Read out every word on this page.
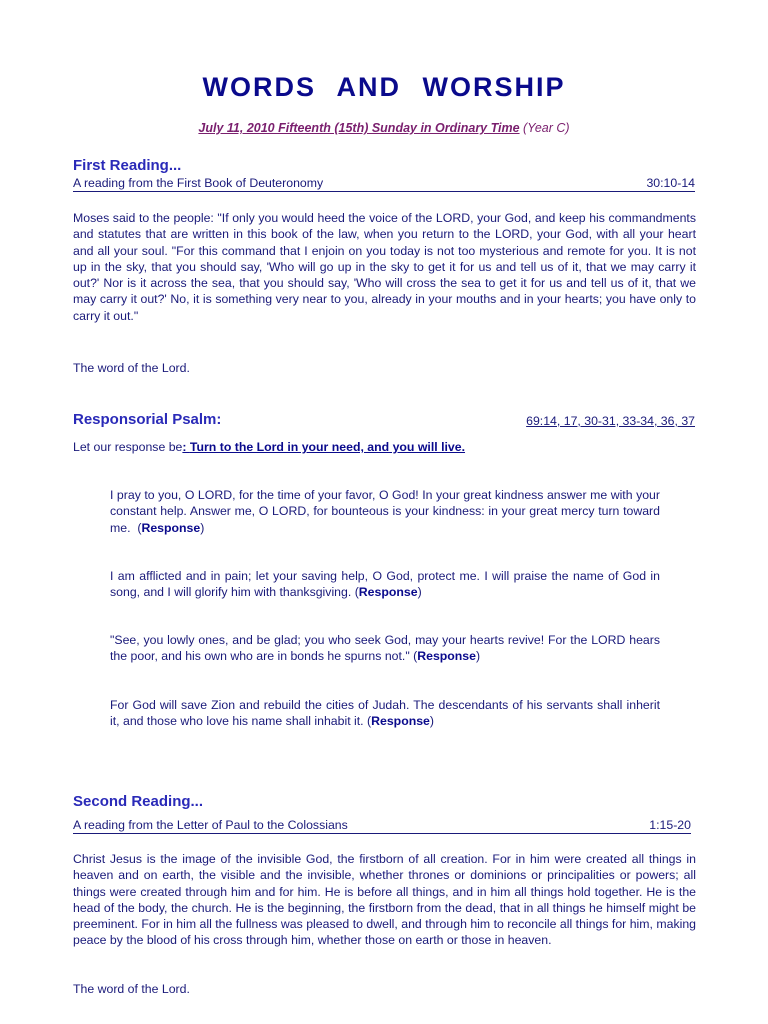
WORDS AND WORSHIP
July 11, 2010 Fifteenth (15th) Sunday in Ordinary Time (Year C)
First Reading...
A reading from the First Book of Deuteronomy	30:10-14

Moses said to the people: "If only you would heed the voice of the LORD, your God, and keep his commandments and statutes that are written in this book of the law, when you return to the LORD, your God, with all your heart and all your soul. "For this command that I enjoin on you today is not too mysterious and remote for you. It is not up in the sky, that you should say, 'Who will go up in the sky to get it for us and tell us of it, that we may carry it out?' Nor is it across the sea, that you should say, 'Who will cross the sea to get it for us and tell us of it, that we may carry it out?' No, it is something very near to you, already in your mouths and in your hearts; you have only to carry it out."

The word of the Lord.
Responsorial Psalm:	69:14, 17, 30-31, 33-34, 36, 37
Let our response be: Turn to the Lord in your need, and you will live.

I pray to you, O LORD, for the time of your favor, O God! In your great kindness answer me with your constant help. Answer me, O LORD, for bounteous is your kindness: in your great mercy turn toward me.  (Response)

I am afflicted and in pain; let your saving help, O God, protect me. I will praise the name of God in song, and I will glorify him with thanksgiving. (Response)

"See, you lowly ones, and be glad; you who seek God, may your hearts revive! For the LORD hears the poor, and his own who are in bonds he spurns not." (Response)

For God will save Zion and rebuild the cities of Judah. The descendants of his servants shall inherit it, and those who love his name shall inhabit it. (Response)

Second Reading...
A reading from the Letter of Paul to the Colossians	1:15-20

Christ Jesus is the image of the invisible God, the firstborn of all creation. For in him were created all things in heaven and on earth, the visible and the invisible, whether thrones or dominions or principalities or powers; all things were created through him and for him. He is before all things, and in him all things hold together. He is the head of the body, the church. He is the beginning, the firstborn from the dead, that in all things he himself might be preeminent. For in him all the fullness was pleased to dwell, and through him to reconcile all things for him, making peace by the blood of his cross through him, whether those on earth or those in heaven.

The word of the Lord.
